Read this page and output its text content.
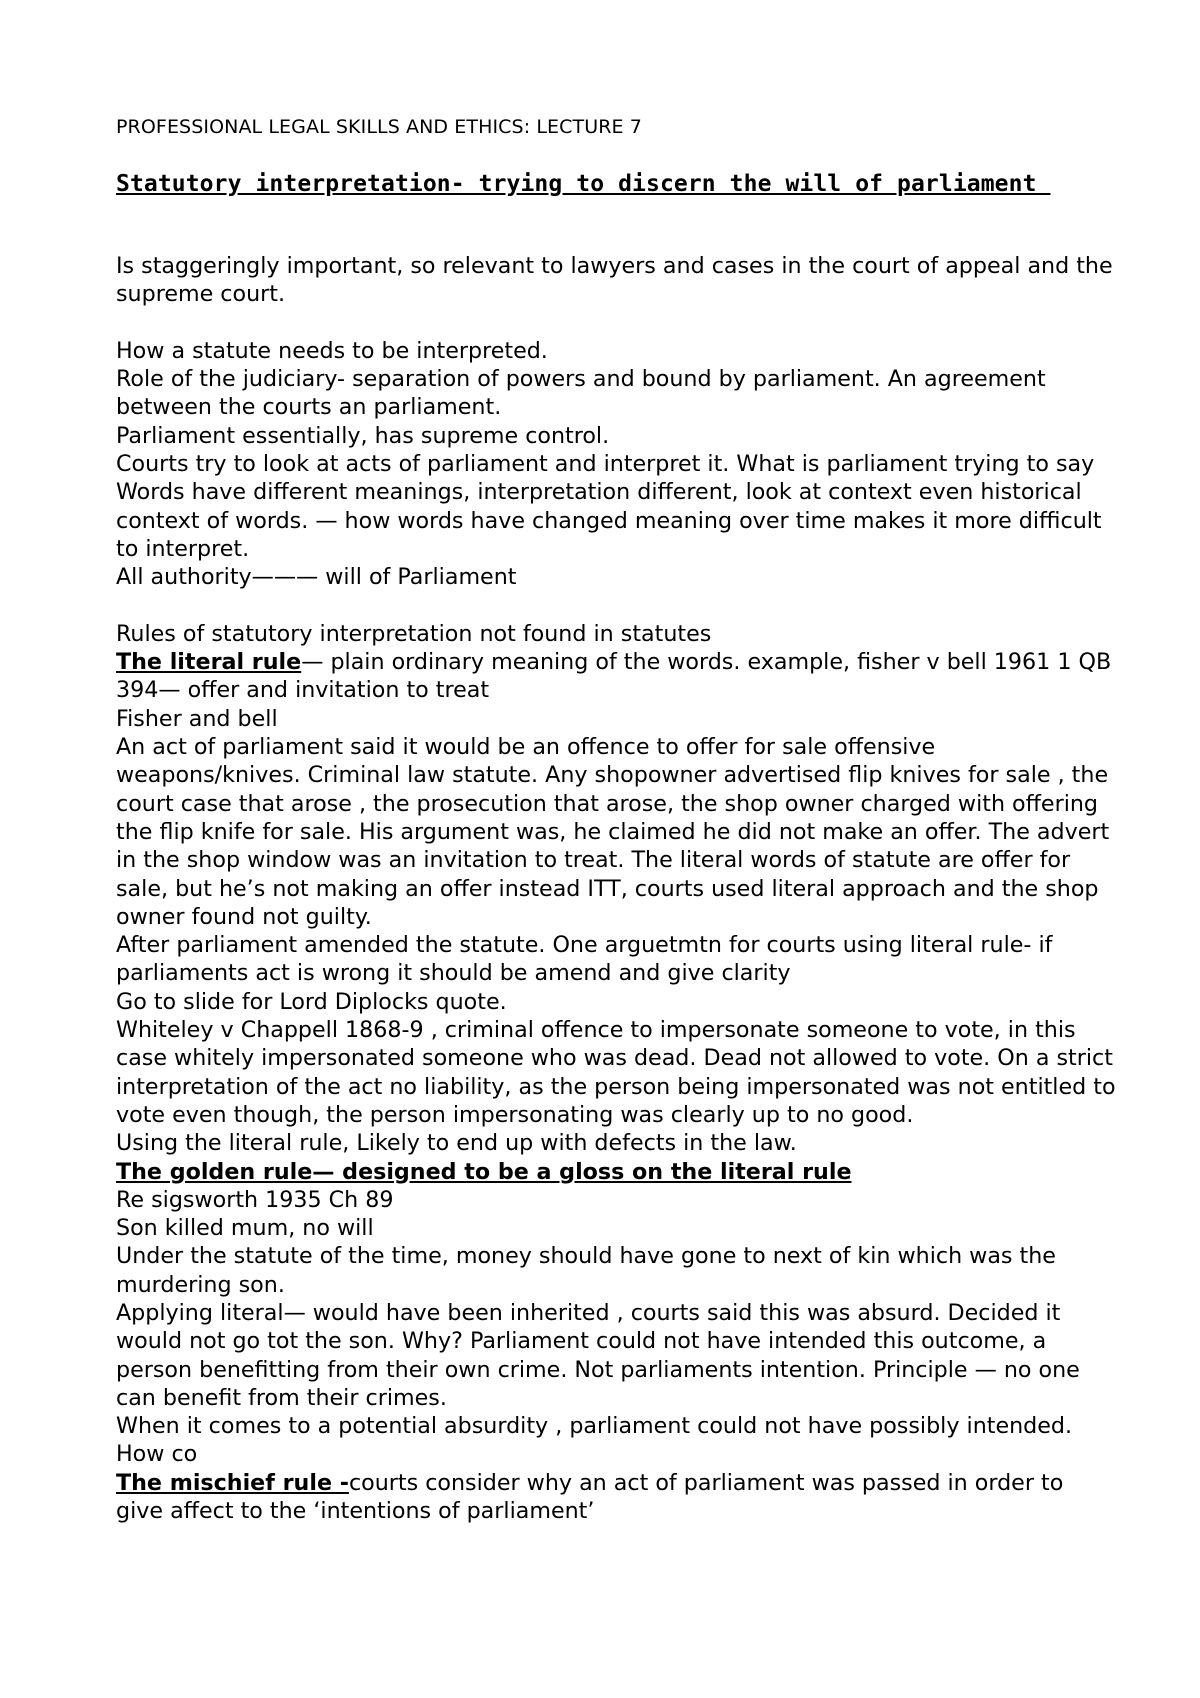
PROFESSIONAL LEGAL SKILLS AND ETHICS: LECTURE 7
Statutory interpretation- trying to discern the will of parliament

Is staggeringly important, so relevant to lawyers and cases in the court of appeal and the supreme court.

How a statute needs to be interpreted.

Role of the judiciary- separation of powers and bound by parliament. An agreement between the courts an parliament.

Parliament essentially, has supreme control.

Courts try to look at acts of parliament and interpret it. What is parliament trying to say

Words have different meanings, interpretation different, look at context even historical context of words. — how words have changed meaning over time makes it more difficult to interpret.

All authority——— will of Parliament

Rules of statutory interpretation not found in statutes

The literal rule— plain ordinary meaning of the words. example, fisher v bell 1961 1 QB 394— offer and invitation to treat

Fisher and bell

An act of parliament said it would be an offence to offer for sale offensive weapons/knives. Criminal law statute. Any shopowner advertised flip knives for sale , the court case that arose , the prosecution that arose, the shop owner charged with offering the flip knife for sale. His argument was, he claimed he did not make an offer. The advert in the shop window was an invitation to treat. The literal words of statute are offer for sale, but he’s not making an offer instead ITT, courts used literal approach and the shop owner found not guilty.

After parliament amended the statute. One arguetmtn for courts using literal rule- if parliaments act is wrong it should be amend and give clarity

Go to slide for Lord Diplocks quote.

Whiteley v Chappell 1868-9 , criminal offence to impersonate someone to vote, in this case whitely impersonated someone who was dead. Dead not allowed to vote. On a strict interpretation of the act no liability, as the person being impersonated was not entitled to vote even though, the person impersonating was clearly up to no good.

Using the literal rule, Likely to end up with defects in the law.

The golden rule— designed to be a gloss on the literal rule

Re sigsworth 1935 Ch 89

Son killed mum, no will

Under the statute of the time, money should have gone to next of kin which was the murdering son.

Applying literal— would have been inherited , courts said this was absurd. Decided it would not go tot the son. Why? Parliament could not have intended this outcome, a person benefitting from their own crime. Not parliaments intention. Principle — no one can benefit from their crimes.

When it comes to a potential absurdity , parliament could not have possibly intended. How co

The mischief rule -courts consider why an act of parliament was passed in order to give affect to the ‘intentions of parliament’
